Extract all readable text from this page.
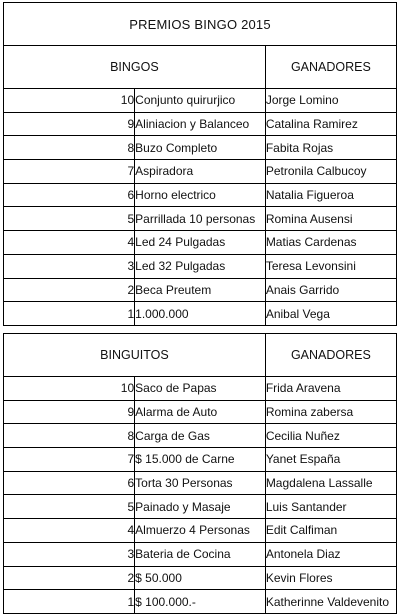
PREMIOS BINGO 2015
BINGOS		GANADORES
10	Conjunto quirurjico	Jorge Lomino
9	Aliniacion y Balanceo	Catalina Ramirez
8	Buzo Completo	Fabita Rojas
7	Aspiradora	Petronila Calbucoy
6	Horno electrico	Natalia Figueroa
5	Parrillada 10 personas	Romina Ausensi
4	Led 24 Pulgadas	Matias Cardenas
3	Led 32 Pulgadas	Teresa Levonsini
2	Beca Preutem	Anais Garrido
1	1.000.000	Anibal Vega
BINGUITOS		GANADORES
10	Saco de Papas	Frida Aravena
9	Alarma de Auto	Romina zabersa
8	Carga de Gas	Cecilia Nuñez
7	$ 15.000 de Carne	Yanet España
6	Torta 30 Personas	Magdalena Lassalle
5	Painado y Masaje	Luis Santander
4	Almuerzo 4 Personas	Edit Calfiman
3	Bateria de Cocina	Antonela Diaz
2	$ 50.000	Kevin Flores
1	$ 100.000.-	Katherinne Valdevenito
